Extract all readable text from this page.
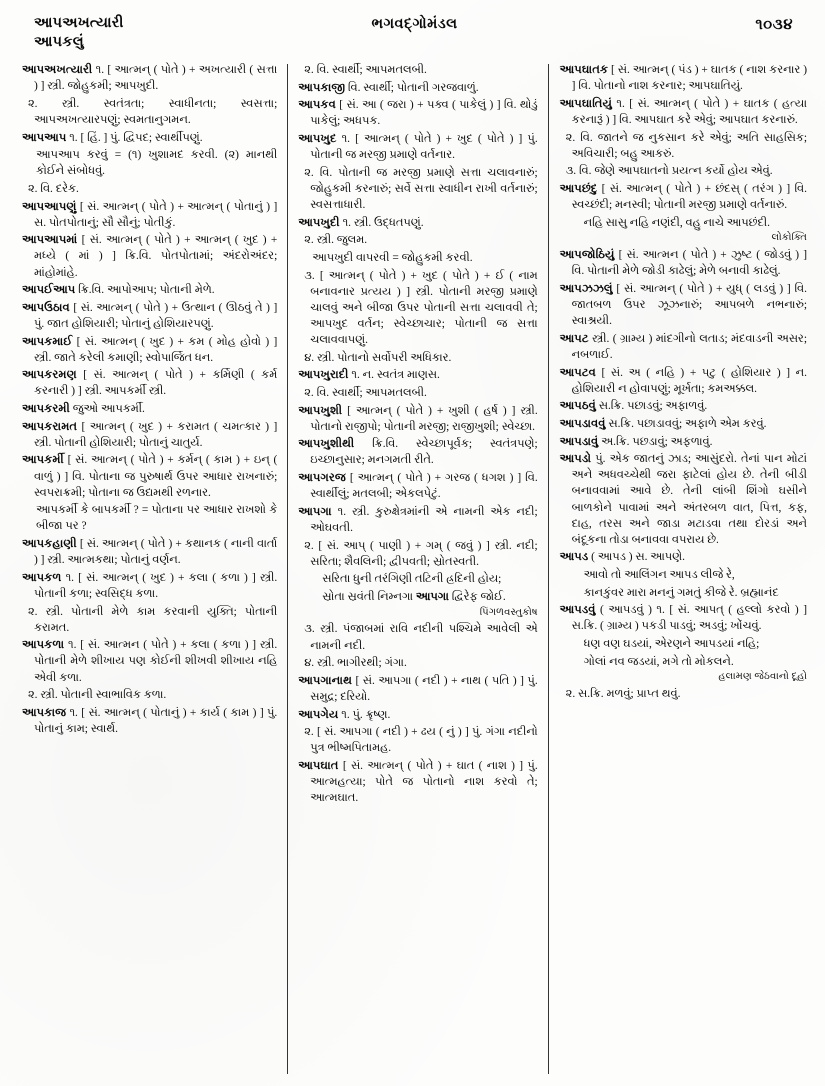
આપઅખત્યારી
આપકલું
ભગવદ્ગોમંડલ	૧૦૩૪

આપઅખત્યારી ૧. [ આત્મન્ ( પોતે ) + અખત્યારી ( સત્તા ) ] સ્ત્રી. જોહુકમી; આપખુદી.

૨. સ્ત્રી. સ્વતંત્રતા; સ્વાધીનતા; સ્વસત્તા; આપઅખત્યારપણું; સ્વમતાનુગમન.

આપઆપ ૧. [ હિં. ] પું. દ્વિપદ; સ્વાર્થીપણું.

આપઆપ કરવું = (૧) ખુશામદ કરવી. (૨) માનથી કોઈને સંબોધવું.

૨. વિ. દરેક.

આપઆપણું [ સં. આત્મન્ ( પોતે ) + આત્મન્ ( પોતાનું ) ] સ. પોતપોતાનું; સૌ સૌનું; પોતીકું.

આપઆપમાં [ સં. આત્મન્ ( પોતે ) + આત્મન્ ( ખુદ ) + મધ્યે ( માં ) ] ક્રિ.વિ. પોતપોતામાં; અંદરોઅંદર; માંહોમાંહે.

આપઈઆપ ક્રિ.વિ. આપોઆપ; પોતાની મેળે.

આપઉઠાવ [ સં. આત્મન્ ( પોતે ) + ઉત્થાન ( ઊઠવું તે ) ] પું. જાત હોશિયારી; પોતાનું હોશિયારપણું.

આપકમાઈ [ સં. આત્મન્ ( ખુદ ) + કમ ( મોહ હોવો ) ] સ્ત્રી. જાતે કરેલી કમાણી; સ્વોપાર્જિત ધન.

આપકરમણ [ સં. આત્મન્ ( પોતે ) + કર્મિણી ( કર્મ કરનારી ) ] સ્ત્રી. આપકર્મી સ્ત્રી.

આપકરમી જુઓ આપકર્મી.

આપકરામત [ આત્મન્ ( ખુદ ) + કરામત ( ચમત્કાર ) ] સ્ત્રી. પોતાની હોશિયારી; પોતાનું ચાતુર્ય.

આપકર્મી [ સં. આત્મન્ ( પોતે ) + કર્મન્ ( કામ ) + ઇન્ ( વાળું ) ] વિ. પોતાના જ પુરુષાર્થ ઉપર આધાર રાખનારું; સ્વપરાક્રમી; પોતાના જ ઉદ્યમથી રળનાર.

આપકર્મી કે બાપકર્મી ? = પોતાના પર આધાર રાખશો કે બીજા પર ?

આપકહાણી [ સં. આત્મન્ ( પોતે ) + કથાનક ( નાની વાર્તા ) ] સ્ત્રી. આત્મકથા; પોતાનું વર્ણન.

આપકળ ૧. [ સં. આત્મન્ ( ખુદ ) + કલા ( કળા ) ] સ્ત્રી. પોતાની કળા; સ્વસિદ્ધ કળા.

૨. સ્ત્રી. પોતાની મેળે કામ કરવાની યુક્તિ; પોતાની કરામત.

આપકળા ૧. [ સં. આત્મન ( પોતે ) + કલા ( કળા ) ] સ્ત્રી. પોતાની મેળે શીખાય પણ કોઈની શીખવી શીખાય નહિ એવી કળા.

૨. સ્ત્રી. પોતાની સ્વાભાવિક કળા.

આપકાજ ૧. [ સં. આત્મન્ ( પોતાનું ) + કાર્ય ( કામ ) ] પું. પોતાનું કામ; સ્વાર્થ.

૨. વિ. સ્વાર્થી; આપમતલબી.

આપકાજી વિ. સ્વાર્થી; પોતાની ગરજવાળું.

આપકવ [ સં. આ ( જરા ) + પક્વ ( પાકેલું ) ] વિ. થોડું પાકેલું; અધપક.

આપખુદ ૧. [ આત્મન્ ( પોતે ) + ખુદ ( પોતે ) ] પું. પોતાની જ મરજી પ્રમાણે વર્તનાર.

૨. વિ. પોતાની જ મરજી પ્રમાણે સત્તા ચલાવનારું; જોહુકમી કરનારું; સર્વે સત્તા સ્વાધીન રાખી વર્તનારું; સ્વસત્તાધારી.

આપખુદી ૧. સ્ત્રી. ઉદ્ધતપણું.

૨. સ્ત્રી. જુલમ.

આપખુદી વાપરવી = જોહુકમી કરવી.

૩. [ આત્મન્ ( પોતે ) + ખુદ ( પોતે ) + ઈ ( નામ બનાવનાર પ્રત્યય ) ] સ્ત્રી. પોતાની મરજી પ્રમાણે ચાલવું અને બીજા ઉપર પોતાની સત્તા ચલાવવી તે; આપખુદ વર્તન; સ્વેચ્છાચાર; પોતાની જ સત્તા ચલાવવાપણું.

૪. સ્ત્રી. પોતાનો સર્વોપરી અધિકાર.

આપખુરાદી ૧. ન. સ્વતંત્ર માણસ.

૨. વિ. સ્વાર્થી; આપમતલબી.

આપખુશી [ આત્મન્ ( પોતે ) + ખુશી ( હર્ષ ) ] સ્ત્રી. પોતાનો રાજીપો; પોતાની મરજી; રાજીખુશી; સ્વેચ્છા.

આપખુશીથી ક્રિ.વિ. સ્વેચ્છાપૂર્વક; સ્વતંત્રપણે; ઇચ્છાનુસાર; મનગમતી રીતે.

આપગરજ [ આત્મન્ ( પોતે ) + ગરજ ( ધગશ ) ] વિ. સ્વાર્થીલું; મતલબી; એકલપેટું.

આપગા ૧. સ્ત્રી. કુરુક્ષેત્રમાંની એ નામની એક નદી; ઓઘવતી.

૨. [ સં. આપ્ ( પાણી ) + ગમ્ ( જવું ) ] સ્ત્રી. નદી; સરિતા; શૈવલિની; દ્વીપવતી; સ્રોતસ્વતી.

સરિતા ધુની તરંગિણી તટિની હ્રદિની હોય;

સ્રોતા સ્રવંતી નિમ્નગા આપગા દ્વિરેફ જોઈ.

પિંગળવસ્તુકોષ

૩. સ્ત્રી. પંજાબમાં રાવિ નદીની પશ્ચિમે આવેલી એ નામની નદી.

૪. સ્ત્રી. ભાગીરથી; ગંગા.

આપગાનાથ [ સં. આપગા ( નદી ) + નાથ ( પતિ ) ] પું. સમુદ્ર; દરિયો.

આપગેય ૧. પું. ક્રૃષ્ણ.

૨. [ સં. આપગા ( નદી ) + ઢય ( નું ) ] પું. ગંગા નદીનો પુત્ર ભીષ્મપિતામહ.

આપઘાત [ સં. આત્મન્ ( પોતે ) + ઘાત ( નાશ ) ] પું. આત્મહત્યા; પોતે જ પોતાનો નાશ કરવો તે; આત્મઘાત.

આપઘાતક [ સં. આત્મન્ ( પંડ ) + ઘાતક ( નાશ કરનાર ) ] વિ. પોતાનો નાશ કરનાર; આપઘાતિયું.

આપઘાતિયું ૧. [ સં. આત્મન્ ( પોતે ) + ઘાતક ( હત્યા કરનારૂં ) ] વિ. આપઘાત કરે એવું; આપઘાત કરનારું.

૨. વિ. જાતને જ નુકસાન કરે એવું; અતિ સાહસિક; અવિચારી; બહુ આકરું.

૩. વિ. જેણે આપઘાતનો પ્રયત્ન કર્યો હોય એવું.

આપછંદુ [ સં. આત્મન્ ( પોતે ) + છંદસ્ ( તરંગ ) ] વિ. સ્વચ્છંદી; મનસ્વી; પોતાની મરજી પ્રમાણે વર્તનારું.

નહિ સાસુ નહિ નણંદી, વહુ નાચે આપછંદી.

લોકોક્તિ

આપજોઠિયું [ સં. આત્મન ( પોતે ) + ઝુષ્ટ ( જોડવું ) ] વિ. પોતાની મેળે જોડી કાઢેલું; મેળે બનાવી કાઢેલું.

આપઝઝલું [ સં. આત્મન્ ( પોતે ) + યુધ્ ( લડવું ) ] વિ. જાતબળ ઉપર ઝૂઝનારું; આપબળે નભનારું; સ્વાશ્રયી.

આપટ સ્ત્રી. ( ગ્રામ્ય ) માંદગીનો લતાડ; મંદવાડની અસર; નબળાઈ.

આપટવ [ સં. અ ( નહિ ) + પટુ ( હોશિયાર ) ] ન. હોશિયારી ન હોવાપણું; મૂર્ખતા; કમઅક્કલ.

આપઠવું સ.ક્રિ. પછાડવું; અફાળવું.

આપડાવવું સ.ક્રિ. પછાડાવવું; અફાળે એમ કરવું.

આપડાવું અ.ક્રિ. પછડાવું; અફળાવું.

આપડો પું. એક જાતનું ઝાડ; આસુંદરો. તેનાં પાન મોટાં અને અધવચ્ચેથી જરા ફાટેલાં હોય છે. તેની બીડી બનાવવામાં આવે છે. તેની લાંબી શિંગો ઘસીને બાળકોને પાવામાં અને અંતરબળ વાત, પિત્ત, કફ, દાહ, તરસ અને જાડા મટાડવા તથા દોરડાં અને બંદૂકના તોડા બનાવવા વપરાય છે.

આપડ ( આપડ ) સ. આપણે.

આવો તો આલિંગન આપડ લીજે રે,

કાનકુંવર મારા મનનું ગમતું કીજે રે. બ્રહ્માનંદ

આપડવું ( આપડવું ) ૧. [ સં. આપત્ ( હલ્લો કરવો ) ] સ.ક્રિ. ( ગ્રામ્ય ) પકડી પાડવું; અડવું; ખોંચવું.

ધણ વણ ઘડયાં, એરણને આપડયાં નહિ;

ગોલાં નવ જડયાં, મગે તો મોકલને.

હલામણ જેઠવાનો દૂહો

૨. સ.ક્રિ. મળવું; પ્રાપ્ત થવું.
